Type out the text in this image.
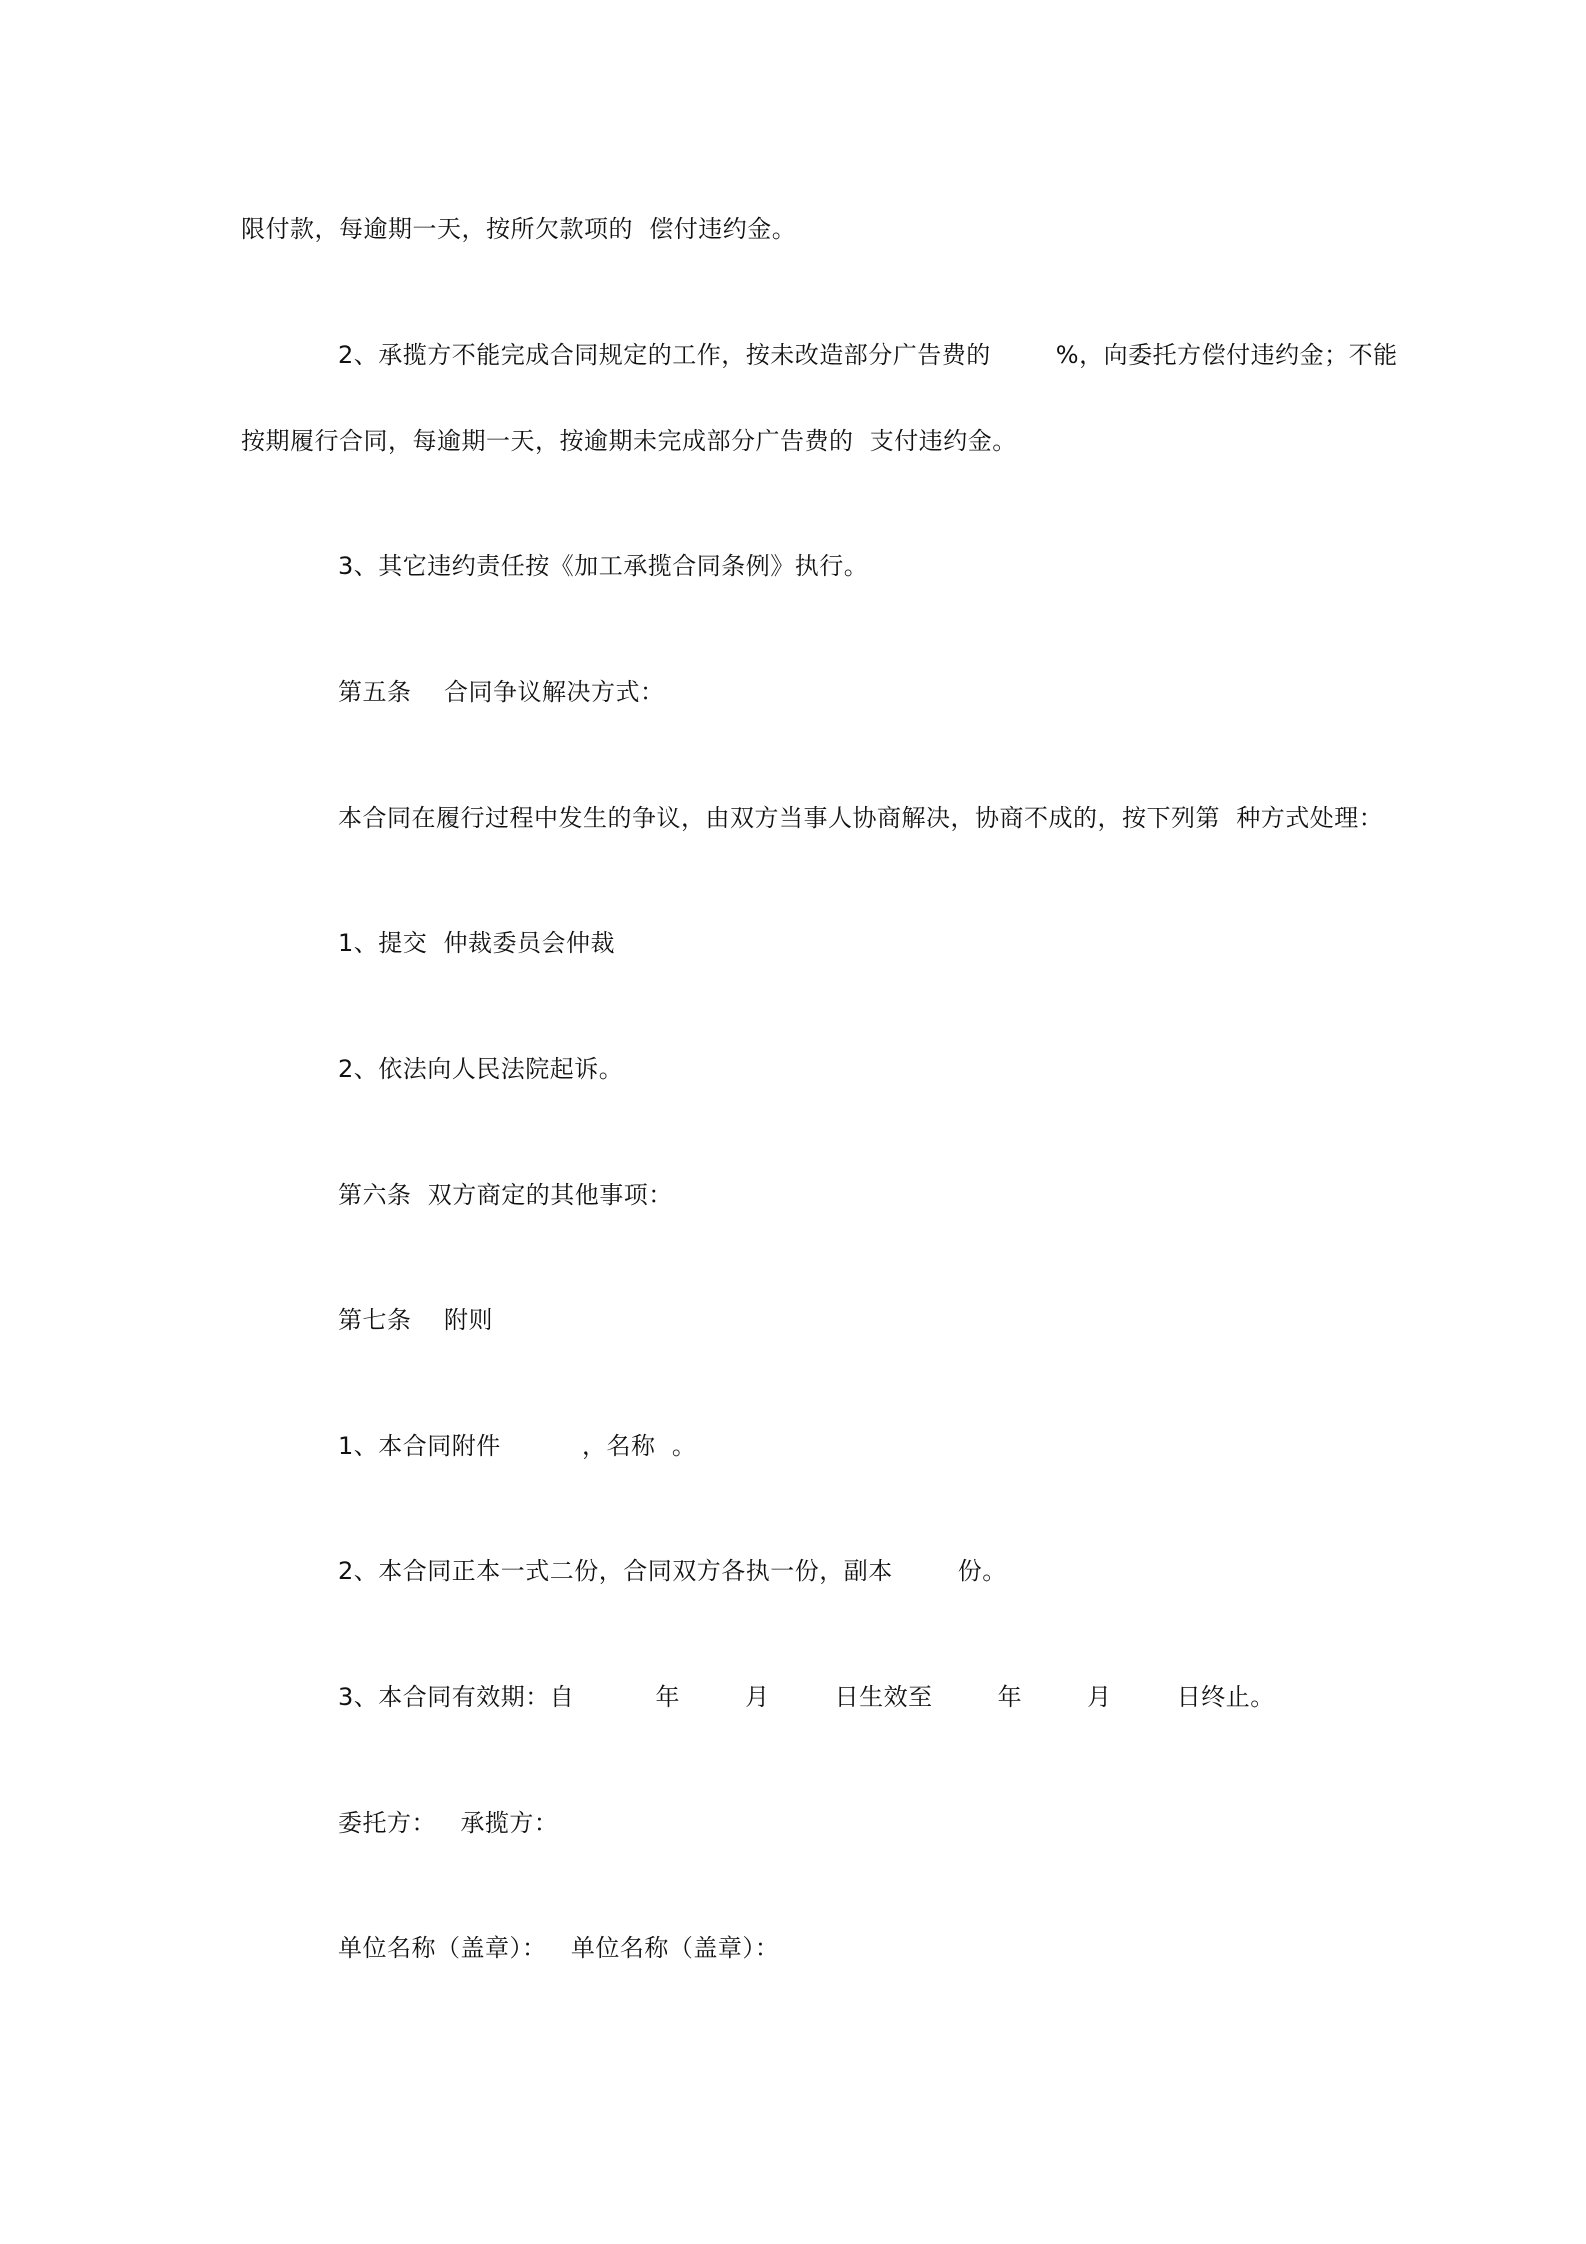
限付款，每逾期一天，按所欠款项的  偿付违约金。
2、承揽方不能完成合同规定的工作，按未改造部分广告费的        %，向委托方偿付违约金；不能
按期履行合同，每逾期一天，按逾期未完成部分广告费的  支付违约金。
3、其它违约责任按《加工承揽合同条例》执行。
第五条    合同争议解决方式：
本合同在履行过程中发生的争议，由双方当事人协商解决，协商不成的，按下列第  种方式处理：
1、提交  仲裁委员会仲裁
2、依法向人民法院起诉。
第六条  双方商定的其他事项：
第七条    附则
1、本合同附件          ，名称  。
2、本合同正本一式二份，合同双方各执一份，副本        份。
3、本合同有效期：自          年        月        日生效至        年        月        日终止。
委托方：   承揽方：
单位名称（盖章）：   单位名称（盖章）：
